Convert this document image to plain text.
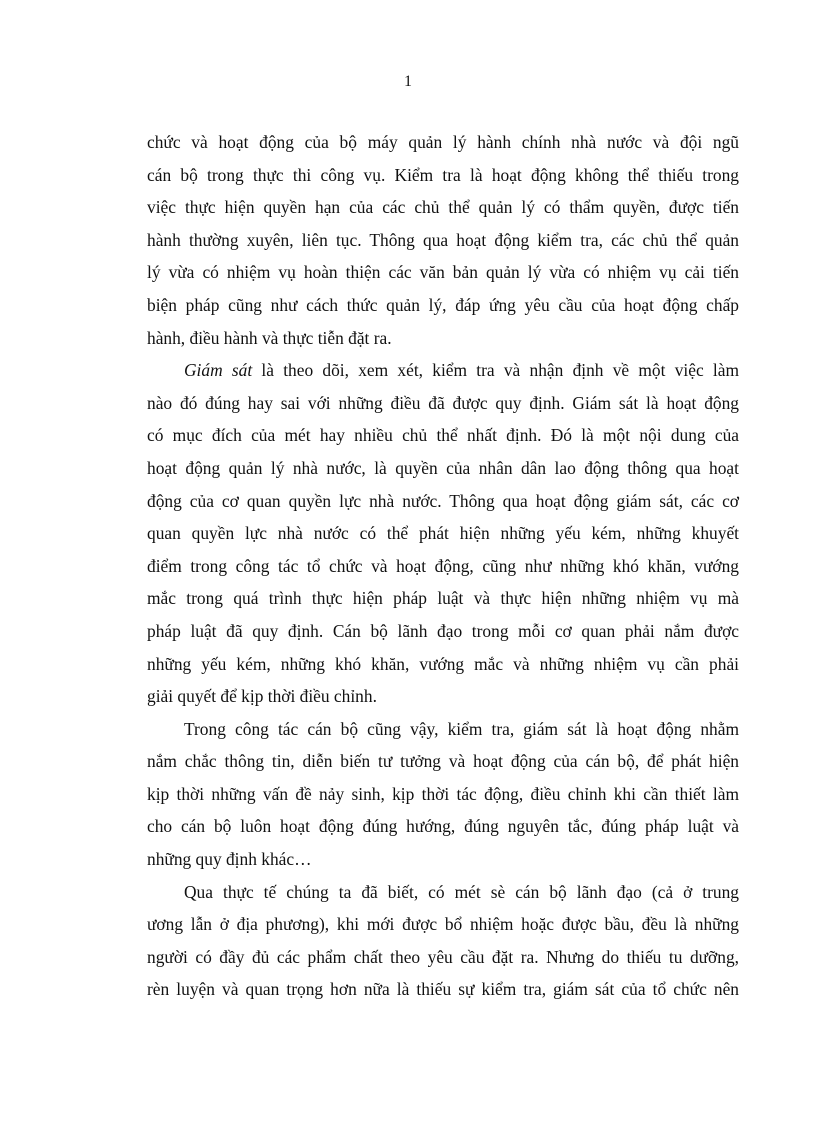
1

chức và hoạt động của bộ máy quản lý hành chính nhà nước và đội ngũ
cán bộ trong thực thi công vụ. Kiểm tra là hoạt động không thể thiếu trong
việc thực hiện quyền hạn của các chủ thể quản lý có thẩm quyền, được tiến
hành thường xuyên, liên tục. Thông qua hoạt động kiểm tra, các chủ thể quản
lý vừa có nhiệm vụ hoàn thiện các văn bản quản lý vừa có nhiệm vụ cải tiến
biện pháp cũng như cách thức quản lý, đáp ứng yêu cầu của hoạt động chấp
hành, điều hành và thực tiễn đặt ra.

Giám sát là theo dõi, xem xét, kiểm tra và nhận định về một việc làm
nào đó đúng hay sai với những điều đã được quy định. Giám sát là hoạt động
có mục đích của mét hay nhiều chủ thể nhất định. Đó là một nội dung của
hoạt động quản lý nhà nước, là quyền của nhân dân lao động thông qua hoạt
động của cơ quan quyền lực nhà nước. Thông qua hoạt động giám sát, các cơ
quan quyền lực nhà nước có thể phát hiện những yếu kém, những khuyết
điểm trong công tác tổ chức và hoạt động, cũng như những khó khăn, vướng
mắc trong quá trình thực hiện pháp luật và thực hiện những nhiệm vụ mà
pháp luật đã quy định. Cán bộ lãnh đạo trong mỗi cơ quan phải nắm được
những yếu kém, những khó khăn, vướng mắc và những nhiệm vụ cần phải
giải quyết để kịp thời điều chỉnh.

Trong công tác cán bộ cũng vậy, kiểm tra, giám sát là hoạt động nhằm
nắm chắc thông tin, diễn biến tư tưởng và hoạt động của cán bộ, để phát hiện
kịp thời những vấn đề nảy sinh, kịp thời tác động, điều chỉnh khi cần thiết làm
cho cán bộ luôn hoạt động đúng hướng, đúng nguyên tắc, đúng pháp luật và
những quy định khác…

Qua thực tế chúng ta đã biết, có mét sè cán bộ lãnh đạo (cả ở trung
ương lẫn ở địa phương), khi mới được bổ nhiệm hoặc được bầu, đều là những
người có đầy đủ các phẩm chất theo yêu cầu đặt ra. Nhưng do thiếu tu dưỡng,
rèn luyện và quan trọng hơn nữa là thiếu sự kiểm tra, giám sát của tổ chức nên
